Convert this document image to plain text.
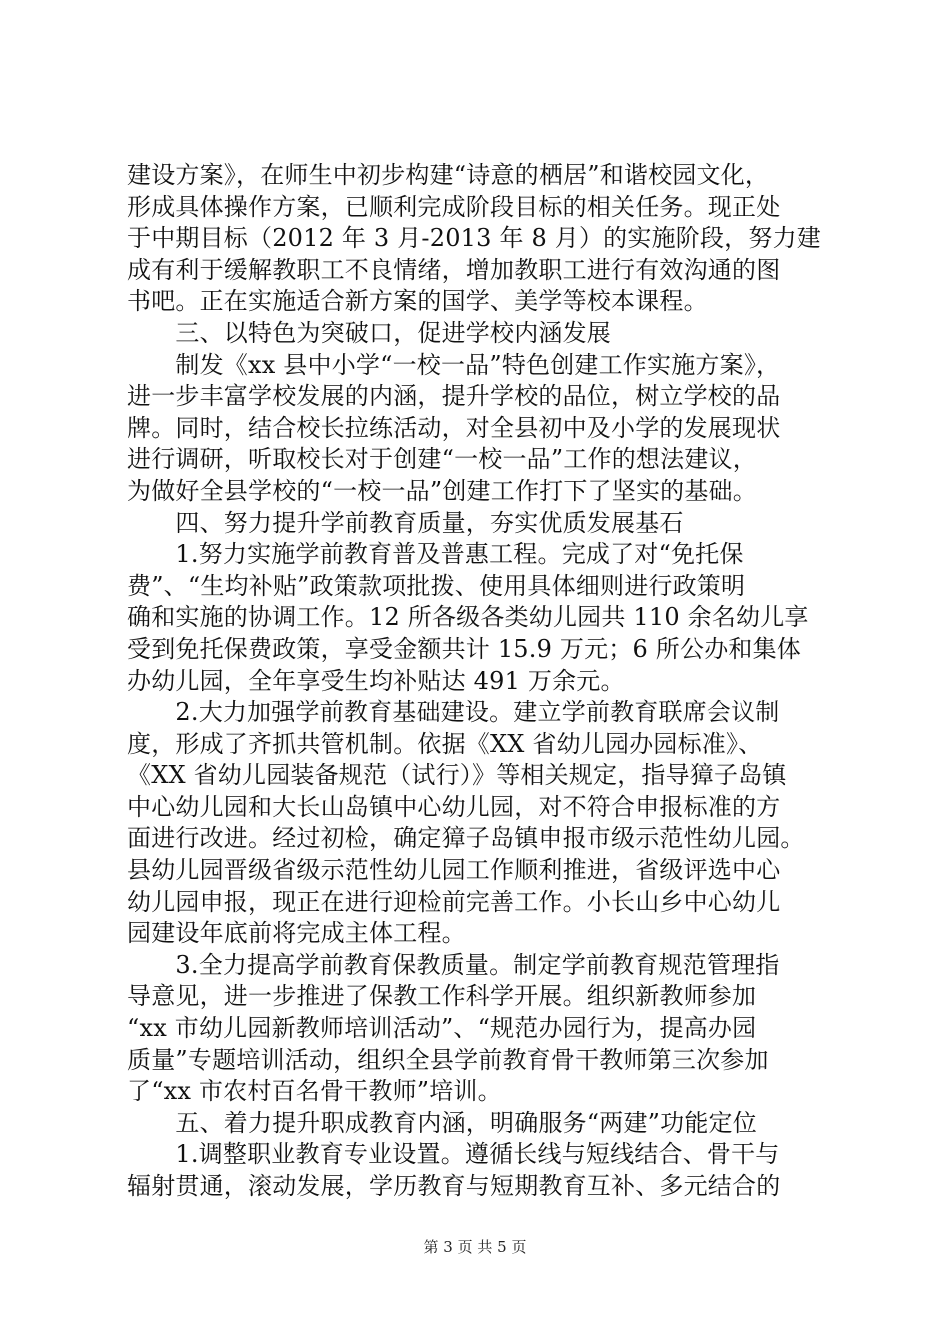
建设方案》，在师生中初步构建“诗意的栖居”和谐校园文化，
形成具体操作方案，已顺利完成阶段目标的相关任务。现正处
于中期目标（2012 年 3 月-2013 年 8 月）的实施阶段，努力建
成有利于缓解教职工不良情绪，增加教职工进行有效沟通的图
书吧。正在实施适合新方案的国学、美学等校本课程。
　　三、以特色为突破口，促进学校内涵发展
　　制发《xx 县中小学“一校一品”特色创建工作实施方案》，
进一步丰富学校发展的内涵，提升学校的品位，树立学校的品
牌。同时，结合校长拉练活动，对全县初中及小学的发展现状
进行调研，听取校长对于创建“一校一品”工作的想法建议，
为做好全县学校的“一校一品”创建工作打下了坚实的基础。
　　四、努力提升学前教育质量，夯实优质发展基石
　　1.努力实施学前教育普及普惠工程。完成了对“免托保
费”、“生均补贴”政策款项批拨、使用具体细则进行政策明
确和实施的协调工作。12 所各级各类幼儿园共 110 余名幼儿享
受到免托保费政策，享受金额共计 15.9 万元；6 所公办和集体
办幼儿园，全年享受生均补贴达 491 万余元。
　　2.大力加强学前教育基础建设。建立学前教育联席会议制
度，形成了齐抓共管机制。依据《XX 省幼儿园办园标准》、
《XX 省幼儿园装备规范（试行）》等相关规定，指导獐子岛镇
中心幼儿园和大长山岛镇中心幼儿园，对不符合申报标准的方
面进行改进。经过初检，确定獐子岛镇申报市级示范性幼儿园。
县幼儿园晋级省级示范性幼儿园工作顺利推进，省级评选中心
幼儿园申报，现正在进行迎检前完善工作。小长山乡中心幼儿
园建设年底前将完成主体工程。
　　3.全力提高学前教育保教质量。制定学前教育规范管理指
导意见，进一步推进了保教工作科学开展。组织新教师参加
“xx 市幼儿园新教师培训活动”、“规范办园行为，提高办园
质量”专题培训活动，组织全县学前教育骨干教师第三次参加
了“xx 市农村百名骨干教师”培训。
　　五、着力提升职成教育内涵，明确服务“两建”功能定位
　　1.调整职业教育专业设置。遵循长线与短线结合、骨干与
辐射贯通，滚动发展，学历教育与短期教育互补、多元结合的
第 3 页 共 5 页
